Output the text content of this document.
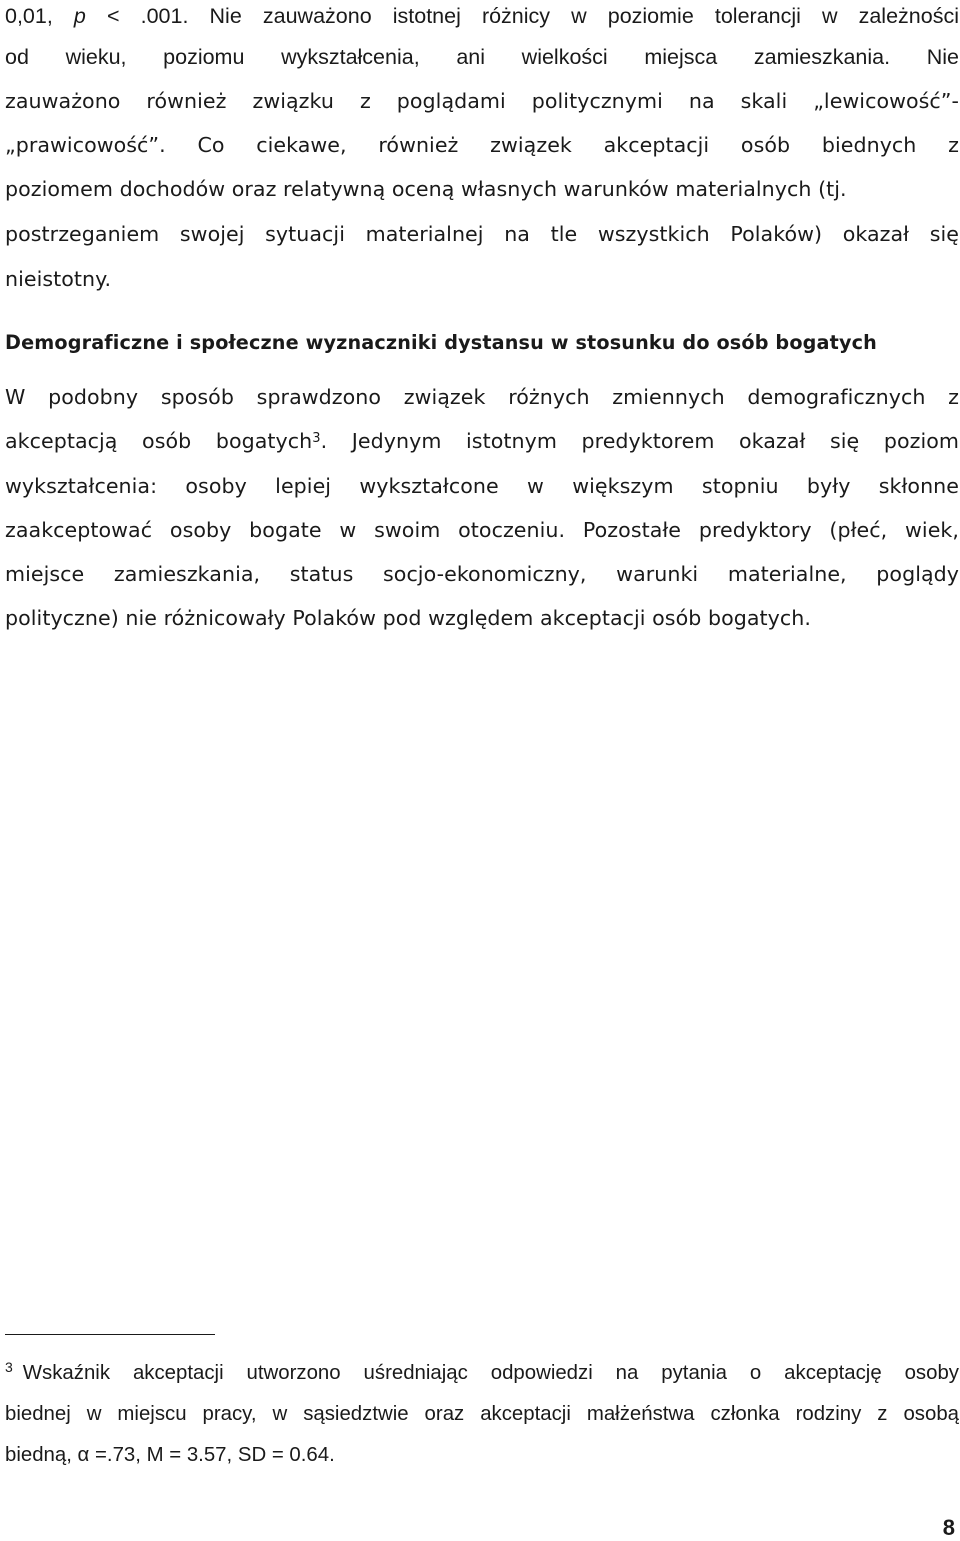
0,01, p < .001. Nie zauważono istotnej różnicy w poziomie tolerancji w zależności

od wieku, poziomu wykształcenia, ani wielkości miejsca zamieszkania. Nie

zauważono również związku z poglądami politycznymi na skali „lewicowość”-

„prawicowość”. Co ciekawe, również związek akceptacji osób biednych z

poziomem dochodów oraz relatywną oceną własnych warunków materialnych (tj.

postrzeganiem swojej sytuacji materialnej na tle wszystkich Polaków) okazał się

nieistotny.

Demograficzne i społeczne wyznaczniki dystansu w stosunku do osób bogatych

W podobny sposób sprawdzono związek różnych zmiennych demograficznych z

akceptacją osób bogatych$^3$. Jedynym istotnym predyktorem okazał się poziom

wykształcenia: osoby lepiej wykształcone w większym stopniu były skłonne

zaakceptować osoby bogate w swoim otoczeniu. Pozostałe predyktory (płeć, wiek,

miejsce zamieszkania, status socjo-ekonomiczny, warunki materialne, poglądy

polityczne) nie różnicowały Polaków pod względem akceptacji osób bogatych.

$^3$ Wskaźnik akceptacji utworzono uśredniając odpowiedzi na pytania o akceptację osoby

biednej w miejscu pracy, w sąsiedztwie oraz akceptacji małżeństwa członka rodziny z osobą

biedną, α =.73, M = 3.57, SD = 0.64.

8
